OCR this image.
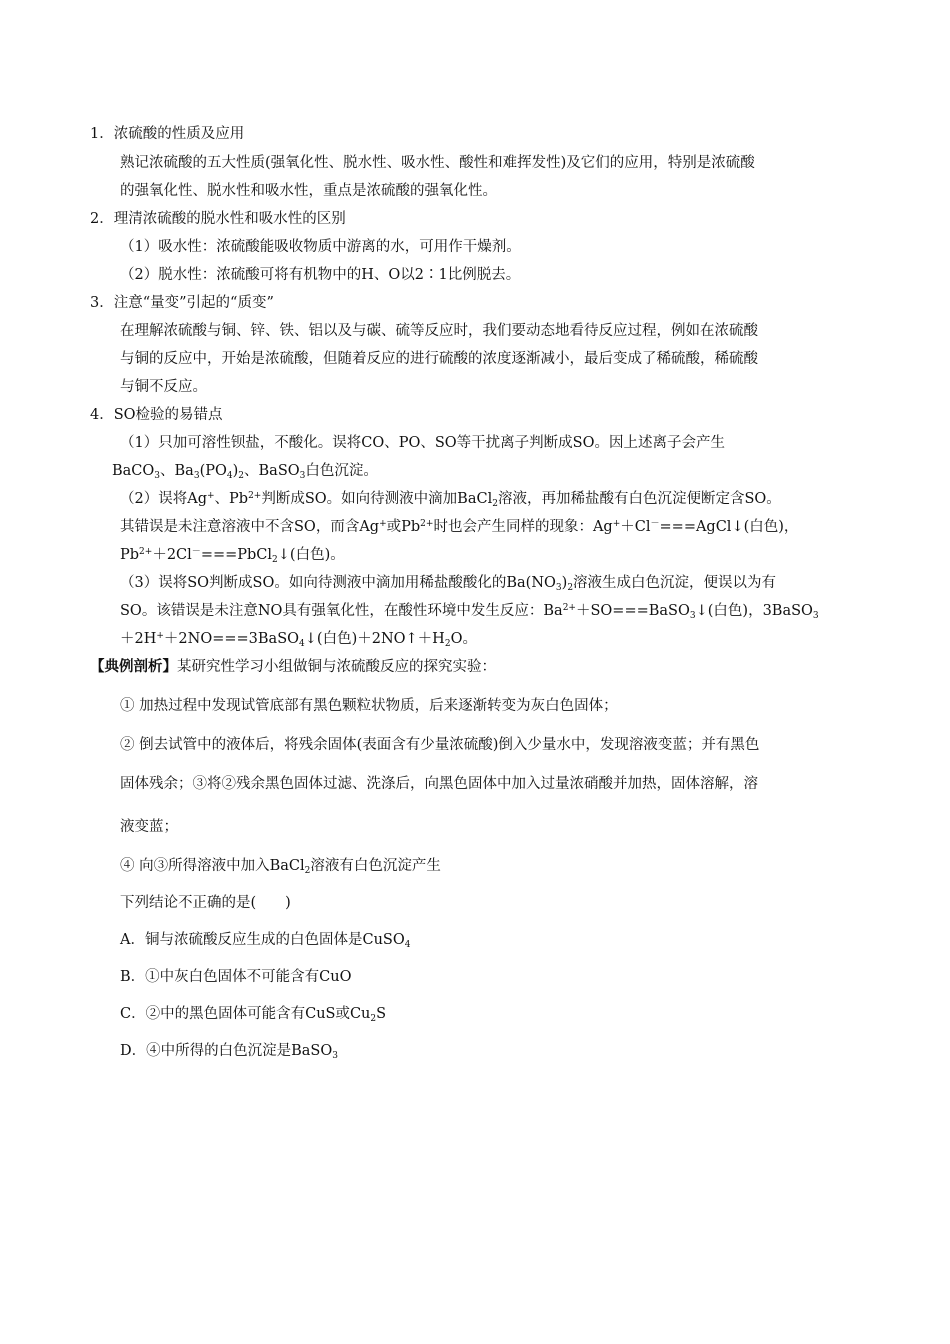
1．浓硫酸的性质及应用
熟记浓硫酸的五大性质(强氧化性、脱水性、吸水性、酸性和难挥发性)及它们的应用，特别是浓硫酸
的强氧化性、脱水性和吸水性，重点是浓硫酸的强氧化性。
2．理清浓硫酸的脱水性和吸水性的区别
（1）吸水性：浓硫酸能吸收物质中游离的水，可用作干燥剂。
（2）脱水性：浓硫酸可将有机物中的H、O以2∶1比例脱去。
3．注意“量变”引起的“质变”
在理解浓硫酸与铜、锌、铁、铝以及与碳、硫等反应时，我们要动态地看待反应过程，例如在浓硫酸
与铜的反应中，开始是浓硫酸，但随着反应的进行硫酸的浓度逐渐减小，最后变成了稀硫酸，稀硫酸
与铜不反应。
4．SO检验的易错点
（1）只加可溶性钡盐，不酸化。误将CO、PO、SO等干扰离子判断成SO。因上述离子会产生
BaCO$_3$、$Ba_3(PO_4)_2$、BaSO$_3$白色沉淀。
（2）误将Ag+、$Pb^{2+}$判断成SO。如向待测液中滴加BaCl$_2$溶液，再加稀盐酸有白色沉淀便断定含SO。
其错误是未注意溶液中不含SO，而含Ag+或$Pb^{2+}$时也会产生同样的现象：Ag+＋Cl－===AgCl↓(白色)，
$Pb^{2+}+2Cl^-===PbCl_2↓$(白色)。
（3）误将SO判断成SO。如向待测液中滴加用稀盐酸酸化的$Ba(NO_3)_2$溶液生成白色沉淀，便误以为有
SO。该错误是未注意NO具有强氧化性，在酸性环境中发生反应：$Ba^{2+}+SO===BaSO_3↓$(白色)，3BaSO$_3$
＋2H+＋2NO===3BaSO$_4$↓(白色)$+2NO↑+H_2O$。
【典例剖析】某研究性学习小组做铜与浓硫酸反应的探究实验：
① 加热过程中发现试管底部有黑色颗粒状物质，后来逐渐转变为灰白色固体；
② 倒去试管中的液体后，将残余固体(表面含有少量浓硫酸)倒入少量水中，发现溶液变蓝；并有黑色
固体残余；③将②残余黑色固体过滤、洗涤后，向黑色固体中加入过量浓硝酸并加热，固体溶解，溶
液变蓝；
④ 向③所得溶液中加入BaCl$_2$溶液有白色沉淀产生
下列结论不正确的是(　　)
A．铜与浓硫酸反应生成的白色固体是CuSO$_4$
B．①中灰白色固体不可能含有CuO
C．②中的黑色固体可能含有CuS或$Cu_2S$
D．④中所得的白色沉淀是BaSO$_3$
